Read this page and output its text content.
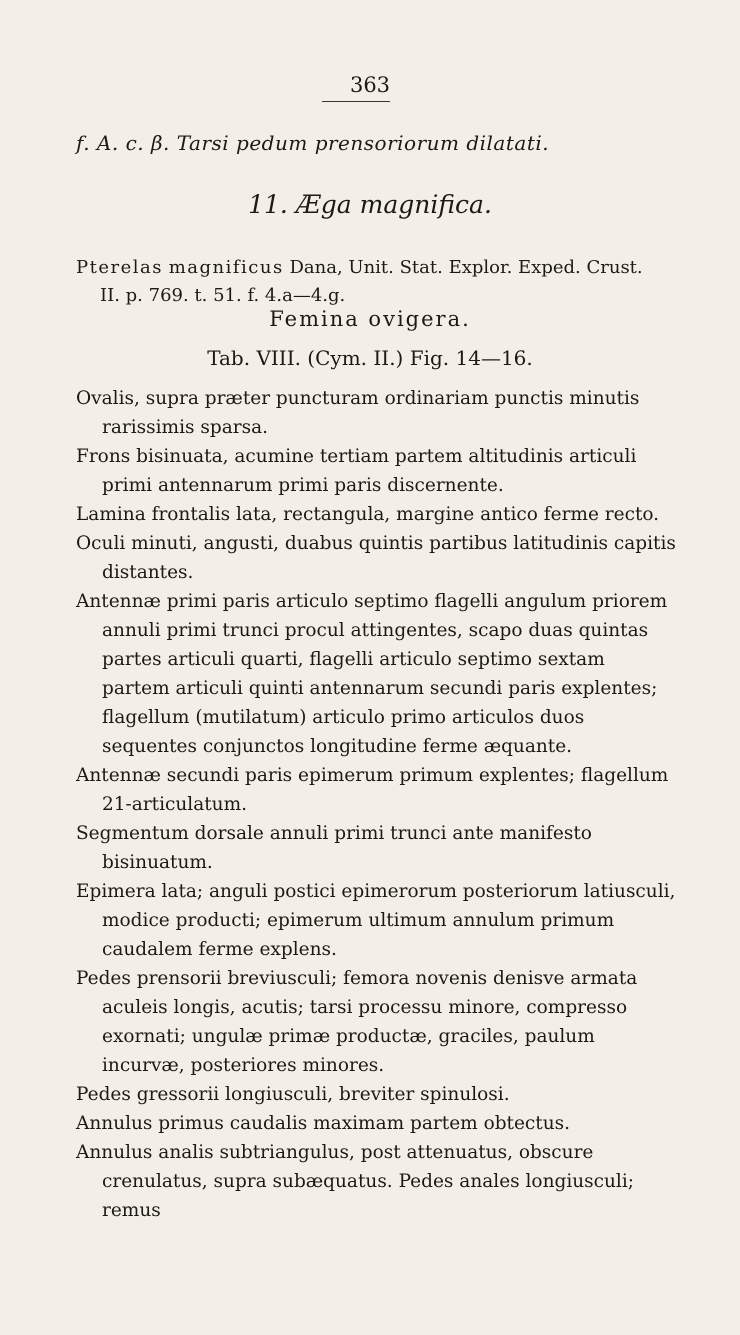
363
f. A. c. β. Tarsi pedum prensoriorum dilatati.
11. Æga magnifica.
Pterelas magnificus Dana, Unit. Stat. Explor. Exped. Crust.
II. p. 769. t. 51. f. 4.a—4.g.
Femina ovigera.
Tab. VIII. (Cym. II.) Fig. 14—16.

Ovalis, supra præter puncturam ordinariam punctis minutis rarissimis sparsa.

Frons bisinuata, acumine tertiam partem altitudinis articuli primi antennarum primi paris discernente.

Lamina frontalis lata, rectangula, margine antico ferme recto.

Oculi minuti, angusti, duabus quintis partibus latitudinis capitis distantes.

Antennæ primi paris articulo septimo flagelli angulum priorem annuli primi trunci procul attingentes, scapo duas quintas partes articuli quarti, flagelli articulo septimo sextam partem articuli quinti antennarum secundi paris explentes; flagellum (mutilatum) articulo primo articulos duos sequentes conjunctos longitudine ferme æquante.

Antennæ secundi paris epimerum primum explentes; flagellum 21-articulatum.

Segmentum dorsale annuli primi trunci ante manifesto bisinuatum.

Epimera lata; anguli postici epimerorum posteriorum latiusculi, modice producti; epimerum ultimum annulum primum caudalem ferme explens.

Pedes prensorii breviusculi; femora novenis denisve armata aculeis longis, acutis; tarsi processu minore, compresso exornati; ungulæ primæ productæ, graciles, paulum incurvæ, posteriores minores.

Pedes gressorii longiusculi, breviter spinulosi.

Annulus primus caudalis maximam partem obtectus.

Annulus analis subtriangulus, post attenuatus, obscure crenulatus, supra subæquatus. Pedes anales longiusculi; remus
